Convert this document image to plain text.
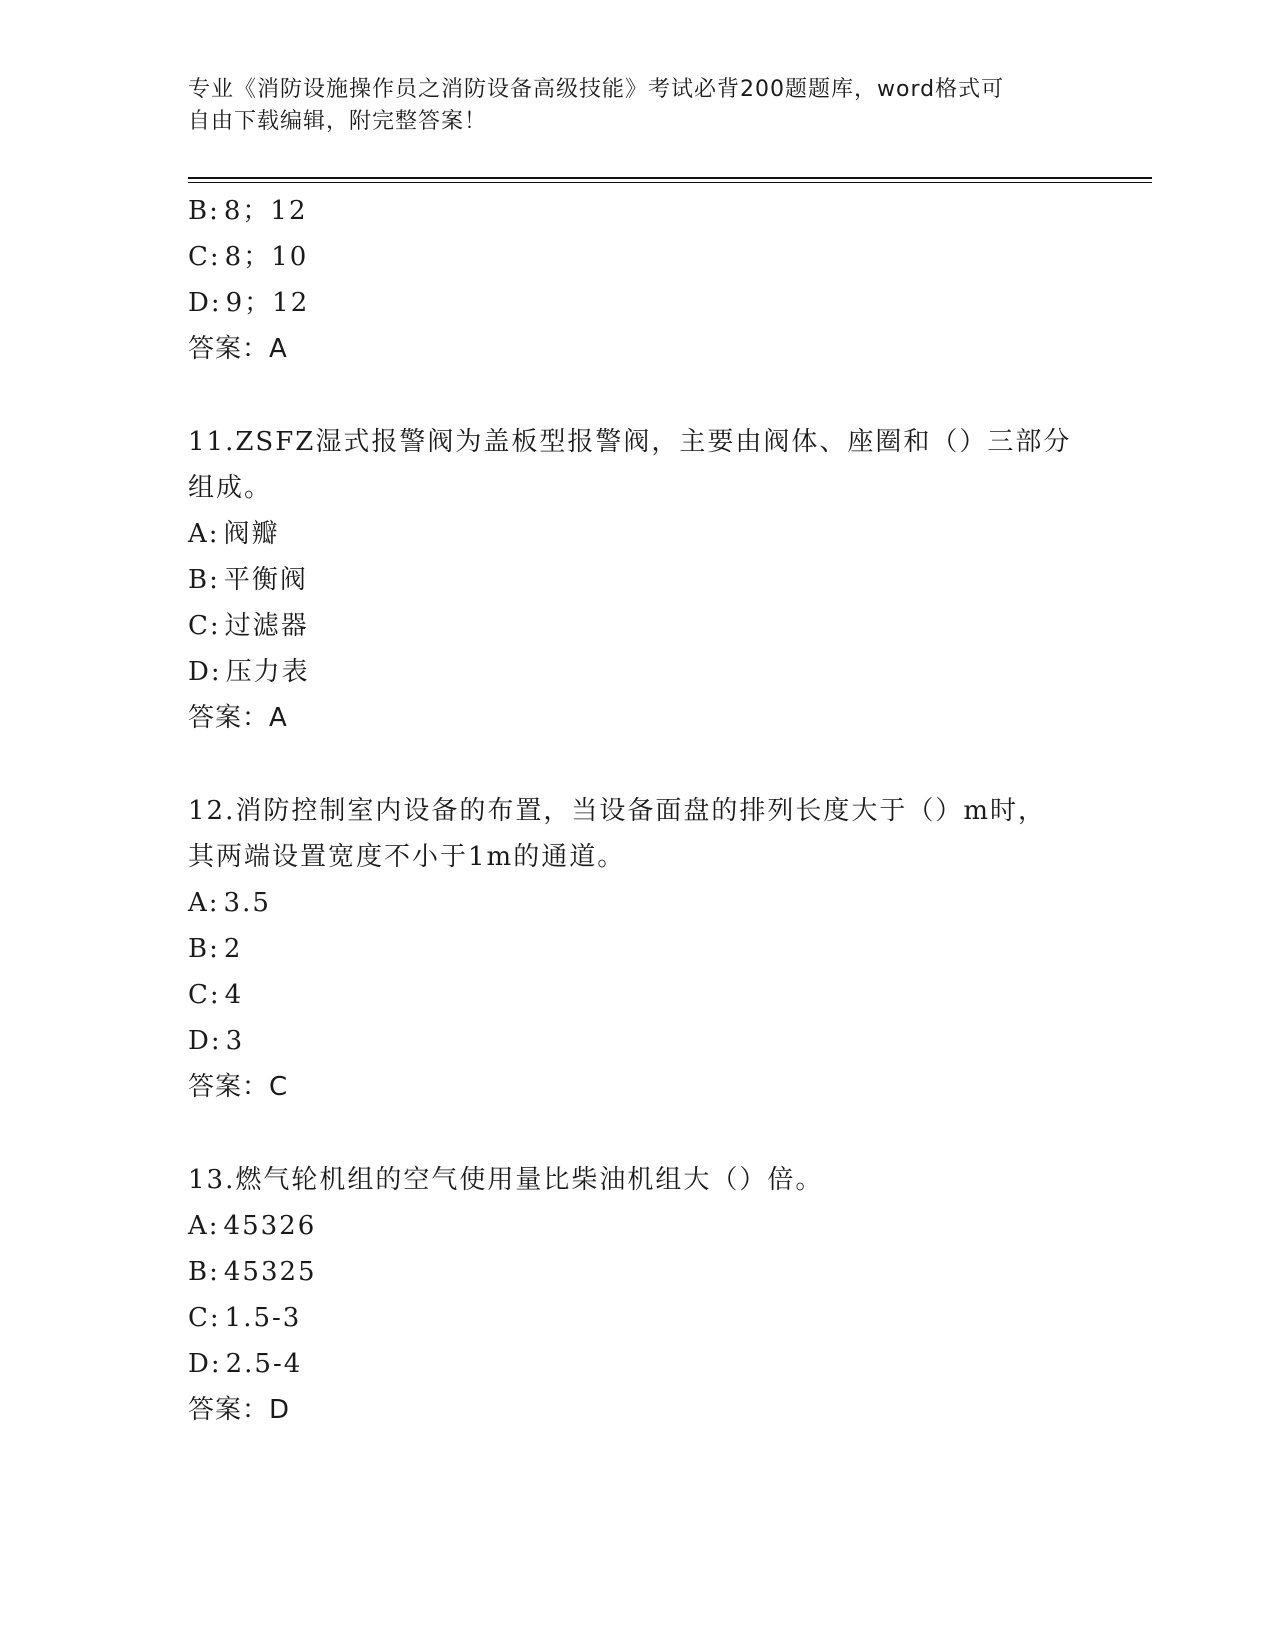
专业《消防设施操作员之消防设备高级技能》考试必背200题题库，word格式可
自由下载编辑，附完整答案！
B: 8；12
C: 8；10
D: 9；12
答案：A
11.ZSFZ湿式报警阀为盖板型报警阀，主要由阀体、座圈和（）三部分
组成。
A: 阀瓣
B: 平衡阀
C: 过滤器
D: 压力表
答案：A
12.消防控制室内设备的布置，当设备面盘的排列长度大于（）m时，
其两端设置宽度不小于1m的通道。
A: 3.5
B: 2
C: 4
D: 3
答案：C
13.燃气轮机组的空气使用量比柴油机组大（）倍。
A: 45326
B: 45325
C: 1.5-3
D: 2.5-4
答案：D
